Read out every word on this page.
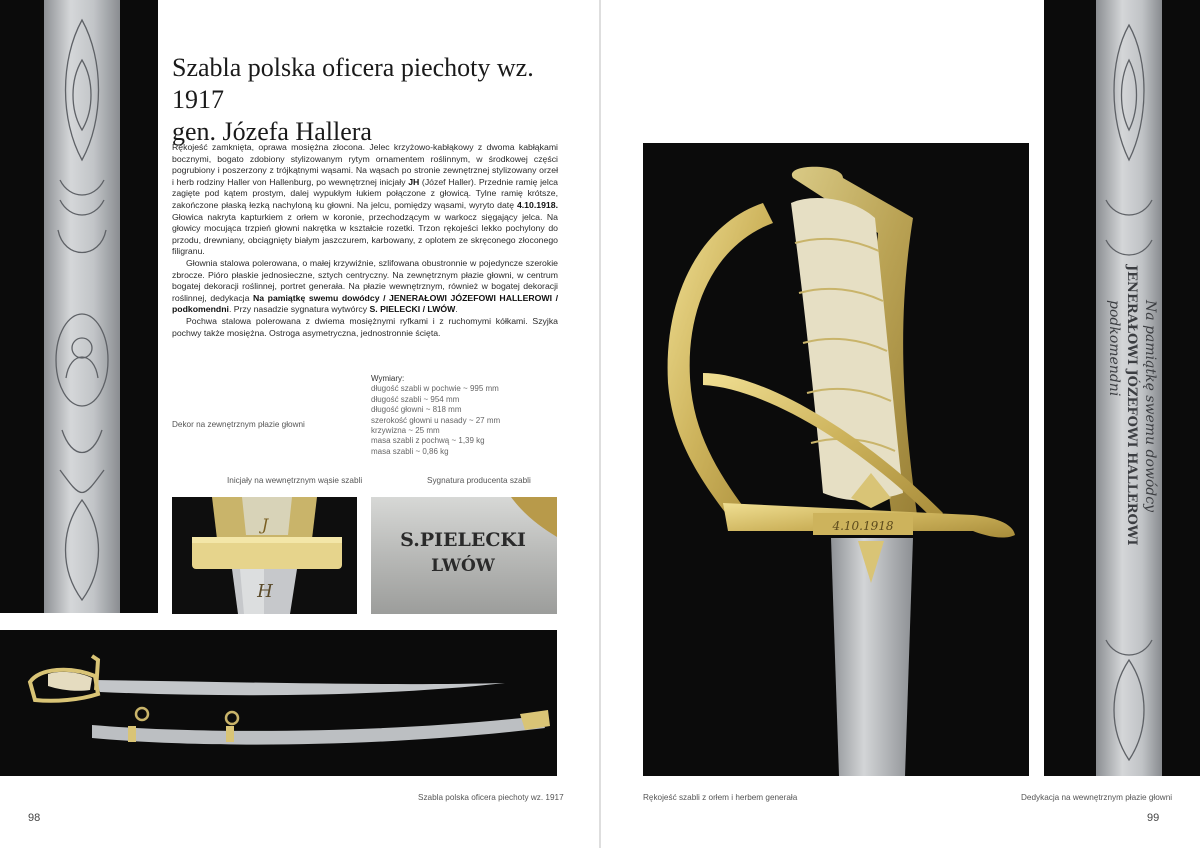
Szabla polska oficera piechoty wz. 1917
gen. Józefa Hallera

Rękojeść zamknięta, oprawa mosiężna złocona. Jelec krzyżowo-kabłąkowy z dwoma kabłąkami bocznymi, bogato zdobiony stylizowanym rytym ornamentem roślinnym, w środkowej części pogrubiony i poszerzony z trójkątnymi wąsami. Na wąsach po stronie zewnętrznej stylizowany orzeł i herb rodziny Haller von Hallenburg, po wewnętrznej inicjały JH (Józef Haller). Przednie ramię jelca zagięte pod kątem prostym, dalej wypukłym łukiem połączone z głowicą. Tylne ramię krótsze, zakończone płaską łezką nachyloną ku głowni. Na jelcu, pomiędzy wąsami, wyryto datę 4.10.1918. Głowica nakryta kapturkiem z orłem w koronie, przechodzącym w warkocz sięgający jelca. Na głowicy mocująca trzpień głowni nakrętka w kształcie rozetki. Trzon rękojeści lekko pochylony do przodu, drewniany, obciągnięty białym jaszczurem, karbowany, z oplotem ze skręconego złoconego filigranu.

Głownia stalowa polerowana, o małej krzywiźnie, szlifowana obustronnie w pojedyncze szerokie zbrocze. Pióro płaskie jednosieczne, sztych centryczny. Na zewnętrznym płazie głowni, w centrum bogatej dekoracji roślinnej, portret generała. Na płazie wewnętrznym, również w bogatej dekoracji roślinnej, dedykacja Na pamiątkę swemu dowódcy / JENERAŁOWI JÓZEFOWI HALLEROWI / podkomendni. Przy nasadzie sygnatura wytwórcy S. PIELECKI / LWÓW.

Pochwa stalowa polerowana z dwiema mosiężnymi ryfkami i z ruchomymi kółkami. Szyjka pochwy także mosiężna. Ostroga asymetryczna, jednostronnie ścięta.

Dekor na zewnętrznym płazie głowni
Wymiary:
długość szabli w pochwie ~ 995 mm
długość szabli ~ 954 mm
długość głowni ~ 818 mm
szerokość głowni u nasady ~ 27 mm
krzywizna ~ 25 mm
masa szabli z pochwą ~ 1,39 kg
masa szabli ~ 0,86 kg
Inicjały na wewnętrznym wąsie szabli	Sygnatura producenta szabli
J
H
S.PIELECKI
LWÓW
Szabla polska oficera piechoty wz. 1917
98
4.10.1918
Na pamiątkę swemu dowódcy
JENERAŁOWI JÓZEFOWI HALLEROWI
podkomendni
Rękojeść szabli z orłem i herbem generała	Dedykacja na wewnętrznym płazie głowni
99
